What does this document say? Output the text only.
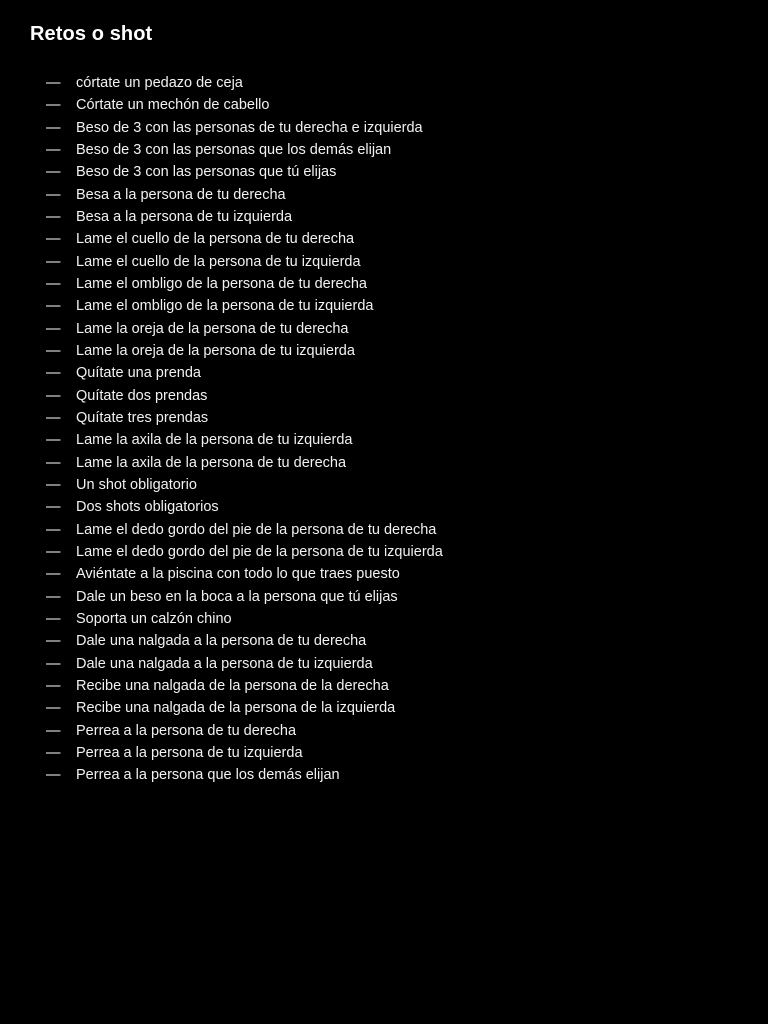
Retos o shot
— córtate un pedazo de ceja
— Córtate un mechón de cabello
— Beso de 3 con las personas de tu derecha e izquierda
— Beso de 3 con las personas que los demás elijan
— Beso de 3 con las personas que tú elijas
— Besa a la persona de tu derecha
— Besa a la persona de tu izquierda
— Lame el cuello de la persona de tu derecha
— Lame el cuello de la persona de tu izquierda
— Lame el ombligo de la persona de tu derecha
— Lame el ombligo de la persona de tu izquierda
— Lame la oreja de la persona de tu derecha
— Lame la oreja de la persona de tu izquierda
— Quítate una prenda
— Quítate dos prendas
— Quítate tres prendas
— Lame la axila de la persona de tu izquierda
— Lame la axila de la persona de tu derecha
— Un shot obligatorio
— Dos shots obligatorios
— Lame el dedo gordo del pie de la persona de tu derecha
— Lame el dedo gordo del pie de la persona de tu izquierda
— Aviéntate a la piscina con todo lo que traes puesto
— Dale un beso en la boca a la persona que tú elijas
— Soporta un calzón chino
— Dale una nalgada a la persona de tu derecha
— Dale una nalgada a la persona de tu izquierda
— Recibe una nalgada de la persona de la derecha
— Recibe una nalgada de la persona de la izquierda
— Perrea a la persona de tu derecha
— Perrea a la persona de tu izquierda
— Perrea a la persona que los demás elijan
